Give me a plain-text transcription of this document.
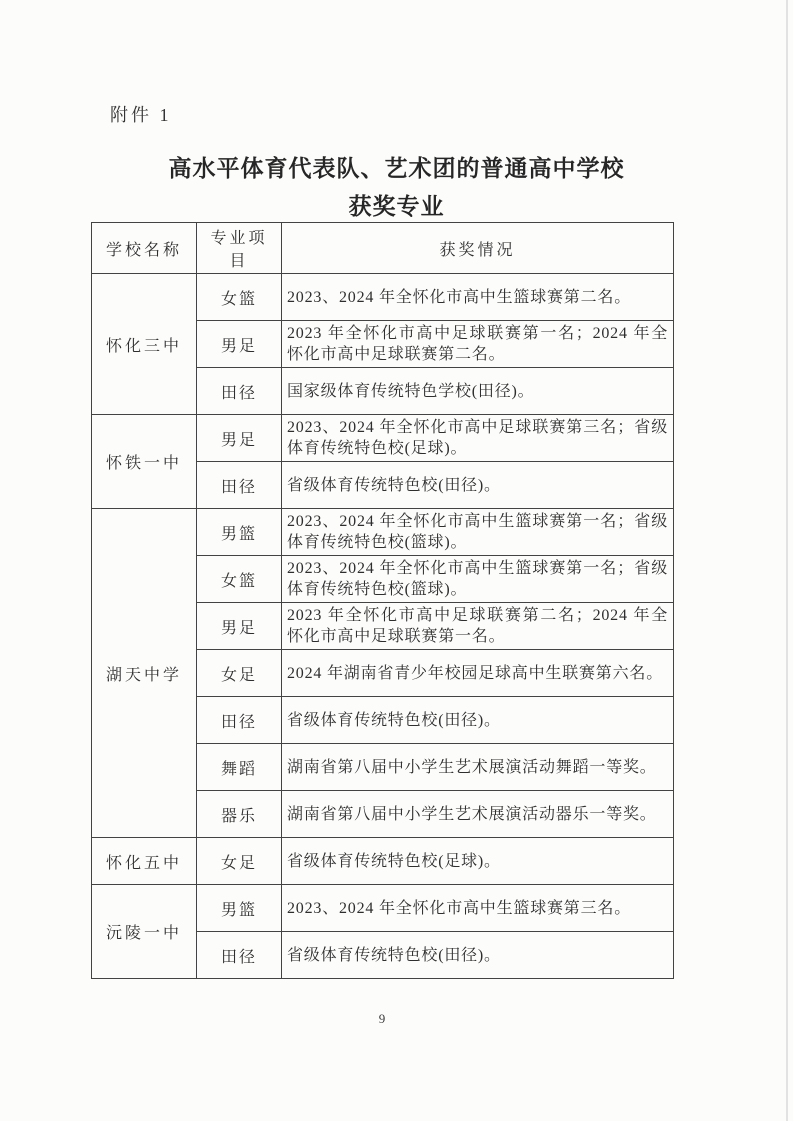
附件 1
高水平体育代表队、艺术团的普通高中学校
获奖专业
学校名称	专业项目	获奖情况
怀化三中	女篮	2023、2024 年全怀化市高中生篮球赛第二名。
	男足	2023 年全怀化市高中足球联赛第一名；2024 年全怀化市高中足球联赛第二名。
	田径	国家级体育传统特色学校(田径)。
怀铁一中	男足	2023、2024 年全怀化市高中足球联赛第三名；省级体育传统特色校(足球)。
	田径	省级体育传统特色校(田径)。
湖天中学	男篮	2023、2024 年全怀化市高中生篮球赛第一名；省级体育传统特色校(篮球)。
	女篮	2023、2024 年全怀化市高中生篮球赛第一名；省级体育传统特色校(篮球)。
	男足	2023 年全怀化市高中足球联赛第二名；2024 年全怀化市高中足球联赛第一名。
	女足	2024 年湖南省青少年校园足球高中生联赛第六名。
	田径	省级体育传统特色校(田径)。
	舞蹈	湖南省第八届中小学生艺术展演活动舞蹈一等奖。
	器乐	湖南省第八届中小学生艺术展演活动器乐一等奖。
怀化五中	女足	省级体育传统特色校(足球)。
沅陵一中	男篮	2023、2024 年全怀化市高中生篮球赛第三名。
	田径	省级体育传统特色校(田径)。
9
